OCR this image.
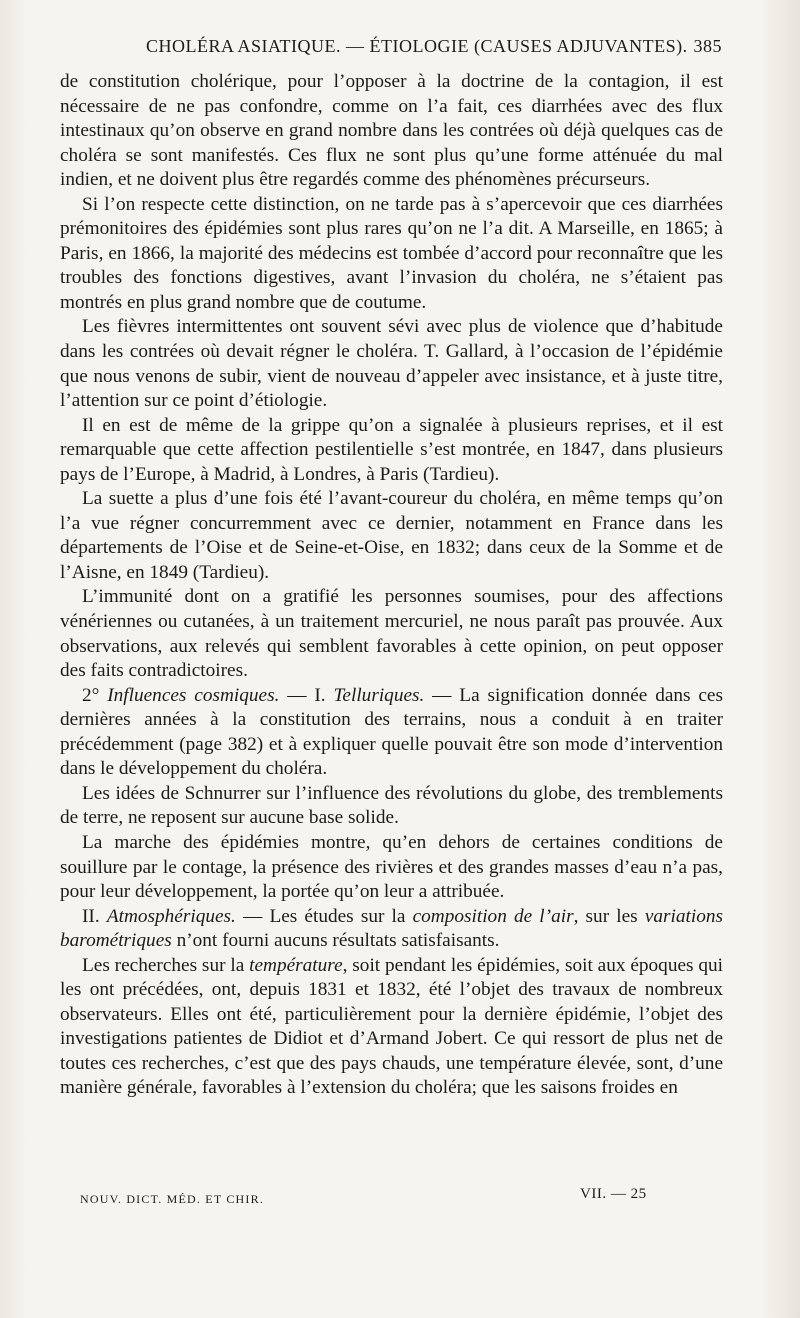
CHOLÉRA ASIATIQUE. — ÉTIOLOGIE (CAUSES ADJUVANTES). 385

de constitution cholérique, pour l’opposer à la doctrine de la contagion, il est nécessaire de ne pas confondre, comme on l’a fait, ces diarrhées avec des flux intestinaux qu’on observe en grand nombre dans les contrées où déjà quelques cas de choléra se sont manifestés. Ces flux ne sont plus qu’une forme atténuée du mal indien, et ne doivent plus être regardés comme des phénomènes précurseurs.

Si l’on respecte cette distinction, on ne tarde pas à s’apercevoir que ces diarrhées prémonitoires des épidémies sont plus rares qu’on ne l’a dit. A Marseille, en 1865; à Paris, en 1866, la majorité des médecins est tombée d’accord pour reconnaître que les troubles des fonctions digestives, avant l’invasion du choléra, ne s’étaient pas montrés en plus grand nombre que de coutume.

Les fièvres intermittentes ont souvent sévi avec plus de violence que d’habitude dans les contrées où devait régner le choléra. T. Gallard, à l’occasion de l’épidémie que nous venons de subir, vient de nouveau d’appeler avec insistance, et à juste titre, l’attention sur ce point d’étiologie.

Il en est de même de la grippe qu’on a signalée à plusieurs reprises, et il est remarquable que cette affection pestilentielle s’est montrée, en 1847, dans plusieurs pays de l’Europe, à Madrid, à Londres, à Paris (Tardieu).

La suette a plus d’une fois été l’avant-coureur du choléra, en même temps qu’on l’a vue régner concurremment avec ce dernier, notamment en France dans les départements de l’Oise et de Seine-et-Oise, en 1832; dans ceux de la Somme et de l’Aisne, en 1849 (Tardieu).

L’immunité dont on a gratifié les personnes soumises, pour des affections vénériennes ou cutanées, à un traitement mercuriel, ne nous paraît pas prouvée. Aux observations, aux relevés qui semblent favorables à cette opinion, on peut opposer des faits contradictoires.

2° Influences cosmiques. — I. Telluriques. — La signification donnée dans ces dernières années à la constitution des terrains, nous a conduit à en traiter précédemment (page 382) et à expliquer quelle pouvait être son mode d’intervention dans le développement du choléra.

Les idées de Schnurrer sur l’influence des révolutions du globe, des tremblements de terre, ne reposent sur aucune base solide.

La marche des épidémies montre, qu’en dehors de certaines conditions de souillure par le contage, la présence des rivières et des grandes masses d’eau n’a pas, pour leur développement, la portée qu’on leur a attribuée.

II. Atmosphériques. — Les études sur la composition de l’air, sur les variations barométriques n’ont fourni aucuns résultats satisfaisants.

Les recherches sur la température, soit pendant les épidémies, soit aux époques qui les ont précédées, ont, depuis 1831 et 1832, été l’objet des travaux de nombreux observateurs. Elles ont été, particulièrement pour la dernière épidémie, l’objet des investigations patientes de Didiot et d’Armand Jobert. Ce qui ressort de plus net de toutes ces recherches, c’est que des pays chauds, une température élevée, sont, d’une manière générale, favorables à l’extension du choléra; que les saisons froides en

NOUV. DICT. MÉD. ET CHIR.	VII. — 25
